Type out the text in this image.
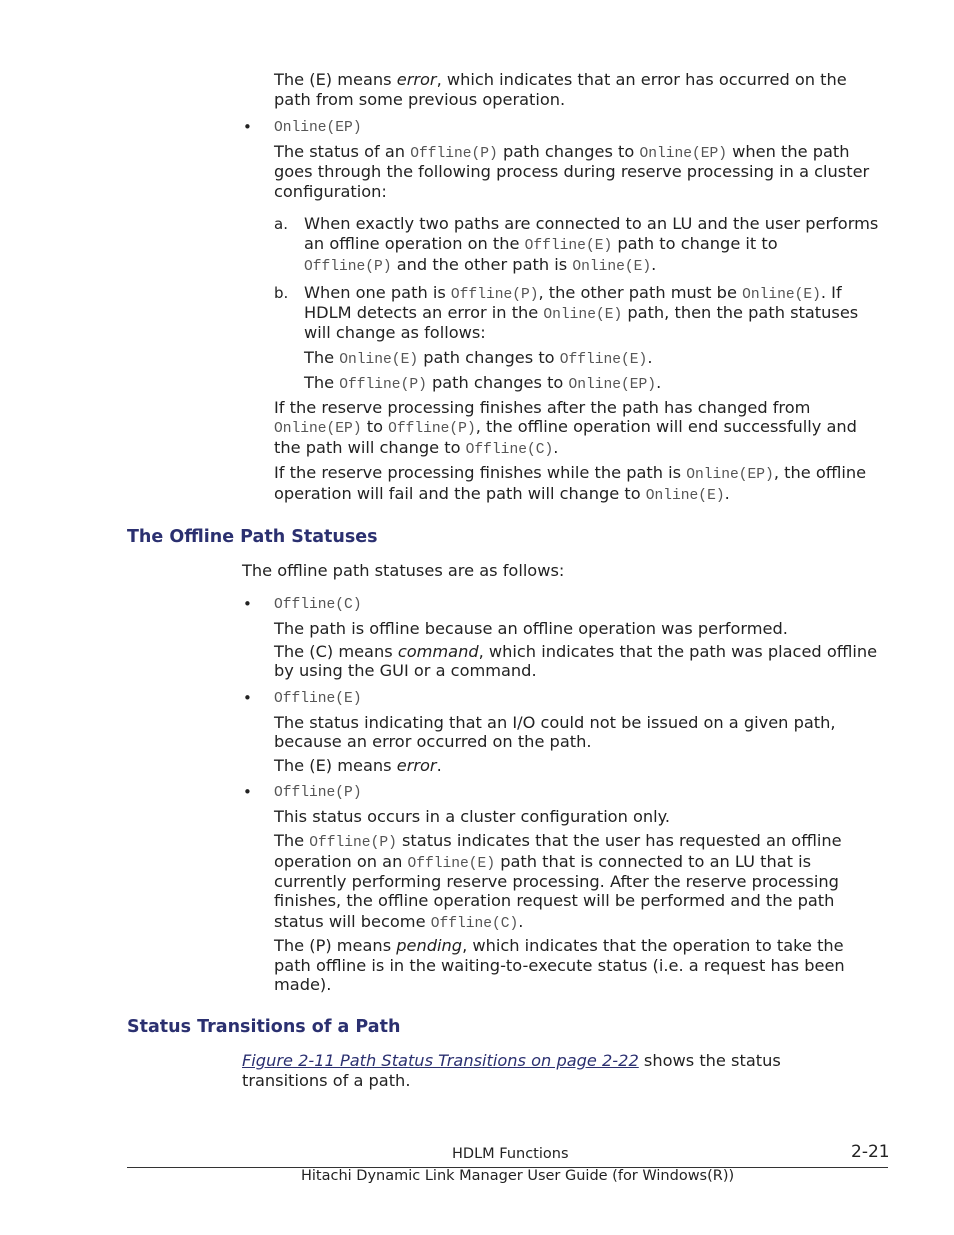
The (E) means error, which indicates that an error has occurred on the
path from some previous operation.
• Online(EP)
The status of an Offline(P) path changes to Online(EP) when the path
goes through the following process during reserve processing in a cluster
configuration:
a. When exactly two paths are connected to an LU and the user performs
an offline operation on the Offline(E) path to change it to
Offline(P) and the other path is Online(E).
b. When one path is Offline(P), the other path must be Online(E). If
HDLM detects an error in the Online(E) path, then the path statuses
will change as follows:
The Online(E) path changes to Offline(E).
The Offline(P) path changes to Online(EP).
If the reserve processing finishes after the path has changed from
Online(EP) to Offline(P), the offline operation will end successfully and
the path will change to Offline(C).
If the reserve processing finishes while the path is Online(EP), the offline
operation will fail and the path will change to Online(E).
The Offline Path Statuses
The offline path statuses are as follows:
• Offline(C)
The path is offline because an offline operation was performed.
The (C) means command, which indicates that the path was placed offline
by using the GUI or a command.
• Offline(E)
The status indicating that an I/O could not be issued on a given path,
because an error occurred on the path.
The (E) means error.
• Offline(P)
This status occurs in a cluster configuration only.
The Offline(P) status indicates that the user has requested an offline
operation on an Offline(E) path that is connected to an LU that is
currently performing reserve processing. After the reserve processing
finishes, the offline operation request will be performed and the path
status will become Offline(C).
The (P) means pending, which indicates that the operation to take the
path offline is in the waiting-to-execute status (i.e. a request has been
made).
Status Transitions of a Path
Figure 2-11 Path Status Transitions on page 2-22 shows the status
transitions of a path.
HDLM Functions	2-21
Hitachi Dynamic Link Manager User Guide (for Windows(R))
